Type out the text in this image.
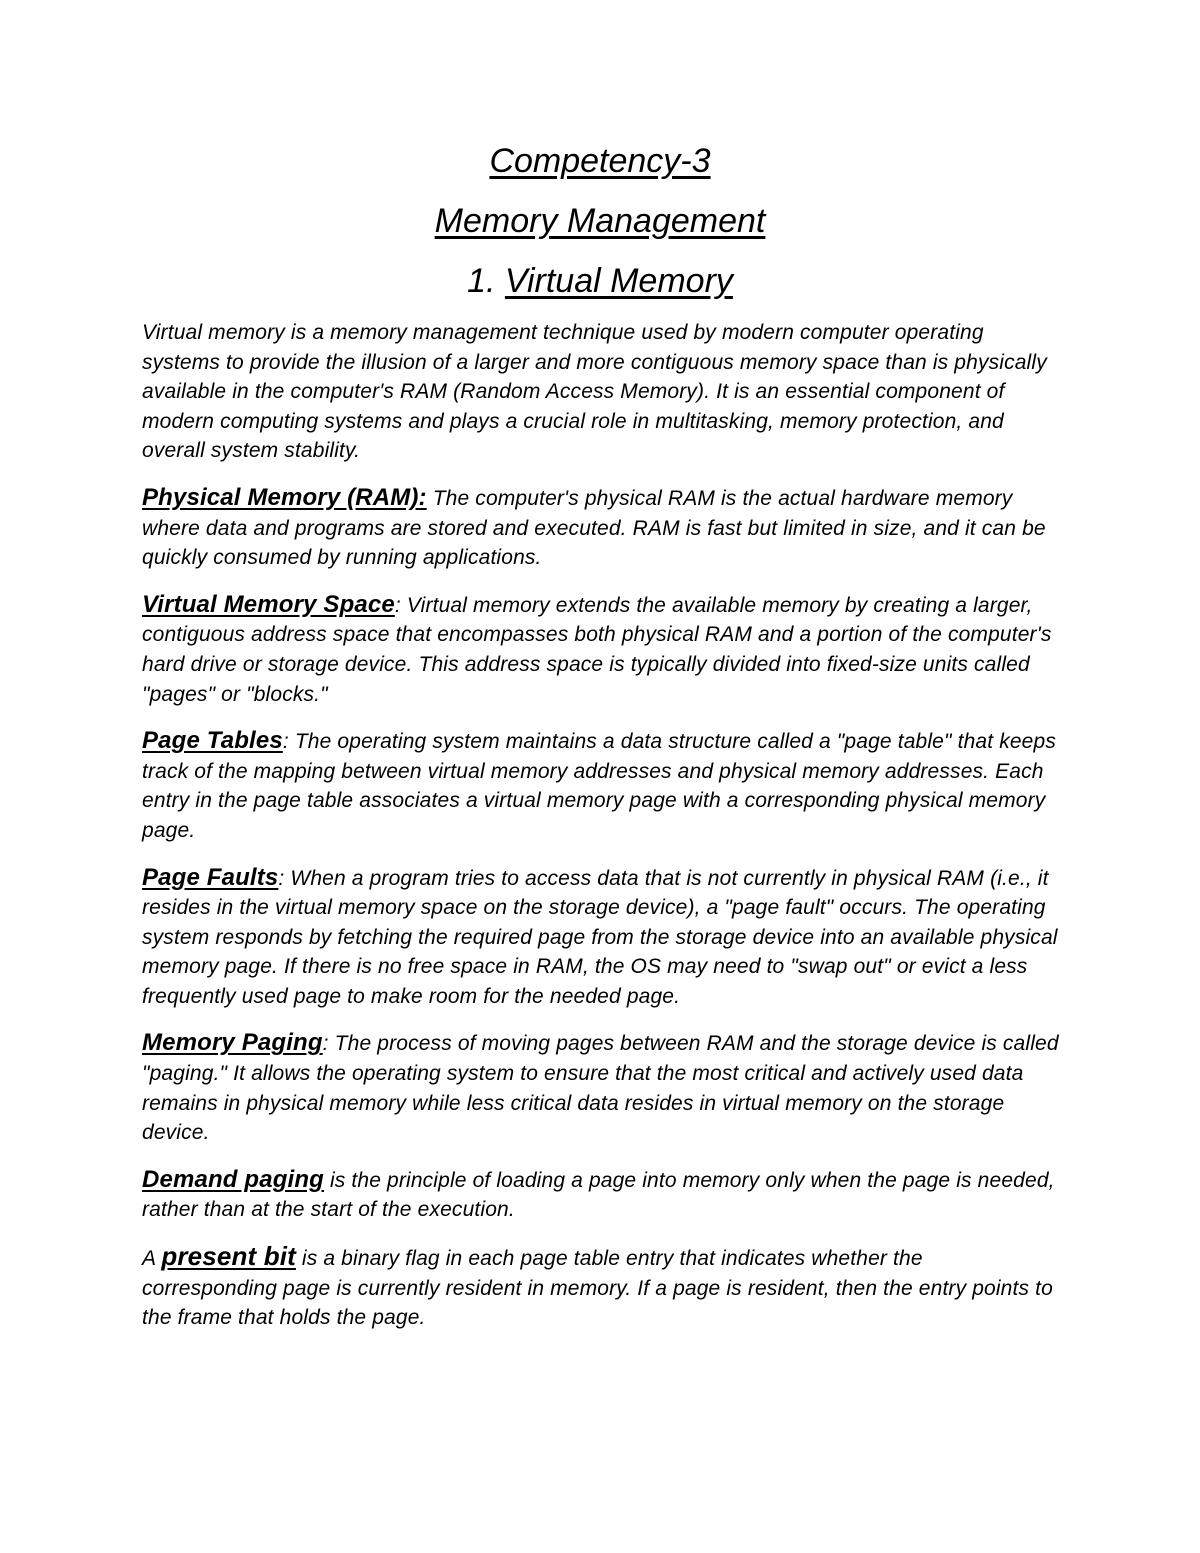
Competency-3
Memory Management
1. Virtual Memory

Virtual memory is a memory management technique used by modern computer operating systems to provide the illusion of a larger and more contiguous memory space than is physically available in the computer's RAM (Random Access Memory). It is an essential component of modern computing systems and plays a crucial role in multitasking, memory protection, and overall system stability.

Physical Memory (RAM): The computer's physical RAM is the actual hardware memory where data and programs are stored and executed. RAM is fast but limited in size, and it can be quickly consumed by running applications.

Virtual Memory Space: Virtual memory extends the available memory by creating a larger, contiguous address space that encompasses both physical RAM and a portion of the computer's hard drive or storage device. This address space is typically divided into fixed-size units called "pages" or "blocks."

Page Tables: The operating system maintains a data structure called a "page table" that keeps track of the mapping between virtual memory addresses and physical memory addresses. Each entry in the page table associates a virtual memory page with a corresponding physical memory page.

Page Faults: When a program tries to access data that is not currently in physical RAM (i.e., it resides in the virtual memory space on the storage device), a "page fault" occurs. The operating system responds by fetching the required page from the storage device into an available physical memory page. If there is no free space in RAM, the OS may need to "swap out" or evict a less frequently used page to make room for the needed page.

Memory Paging: The process of moving pages between RAM and the storage device is called "paging." It allows the operating system to ensure that the most critical and actively used data remains in physical memory while less critical data resides in virtual memory on the storage device.

Demand paging is the principle of loading a page into memory only when the page is needed, rather than at the start of the execution.

A present bit is a binary flag in each page table entry that indicates whether the corresponding page is currently resident in memory. If a page is resident, then the entry points to the frame that holds the page.
